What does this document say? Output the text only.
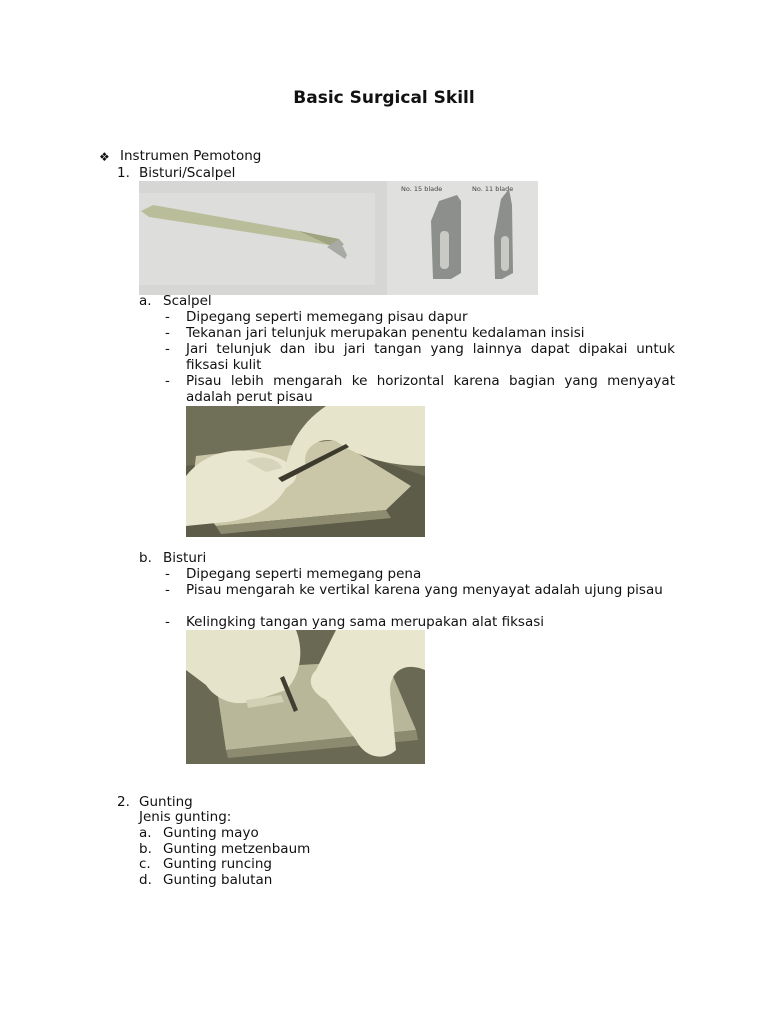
Basic Surgical Skill
❖ Instrumen Pemotong
1. Bisturi/Scalpel
No. 15 blade	No. 11 blade
a. Scalpel
- Dipegang seperti memegang pisau dapur
- Tekanan jari telunjuk merupakan penentu kedalaman insisi
- Jari telunjuk dan ibu jari tangan yang lainnya dapat dipakai untuk fiksasi kulit
- Pisau lebih mengarah ke horizontal karena bagian yang menyayat adalah perut pisau
b. Bisturi
- Dipegang seperti memegang pena
- Pisau mengarah ke vertikal karena yang menyayat adalah ujung pisau
- Kelingking tangan yang sama merupakan alat fiksasi
2. Gunting
Jenis gunting:
a. Gunting mayo
b. Gunting metzenbaum
c. Gunting runcing
d. Gunting balutan
